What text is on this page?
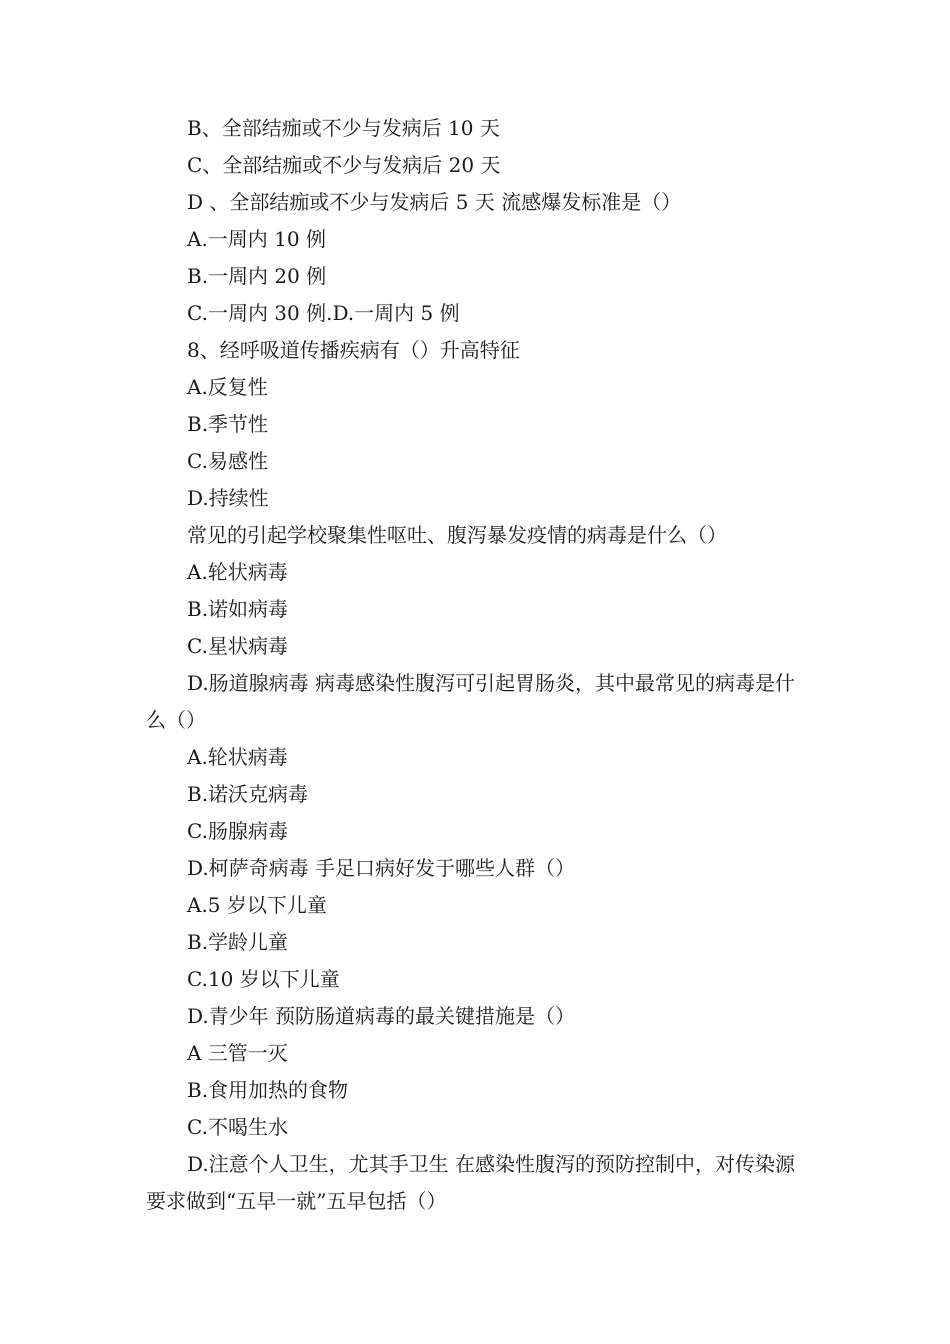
B、全部结痂或不少与发病后 10 天

C、全部结痂或不少与发病后 20 天

D 、全部结痂或不少与发病后 5 天 流感爆发标准是（）

A.一周内 10 例

B.一周内 20 例

C.一周内 30 例.D.一周内 5 例

8、经呼吸道传播疾病有（）升高特征

A.反复性

B.季节性

C.易感性

D.持续性

常见的引起学校聚集性呕吐、腹泻暴发疫情的病毒是什么（）

A.轮状病毒

B.诺如病毒

C.星状病毒

D.肠道腺病毒 病毒感染性腹泻可引起胃肠炎，其中最常见的病毒是什么（）

A.轮状病毒

B.诺沃克病毒

C.肠腺病毒

D.柯萨奇病毒 手足口病好发于哪些人群（）

A.5 岁以下儿童

B.学龄儿童

C.10 岁以下儿童

D.青少年 预防肠道病毒的最关键措施是（）

A 三管一灭

B.食用加热的食物

C.不喝生水

D.注意个人卫生，尤其手卫生 在感染性腹泻的预防控制中，对传染源要求做到“五早一就”五早包括（）
